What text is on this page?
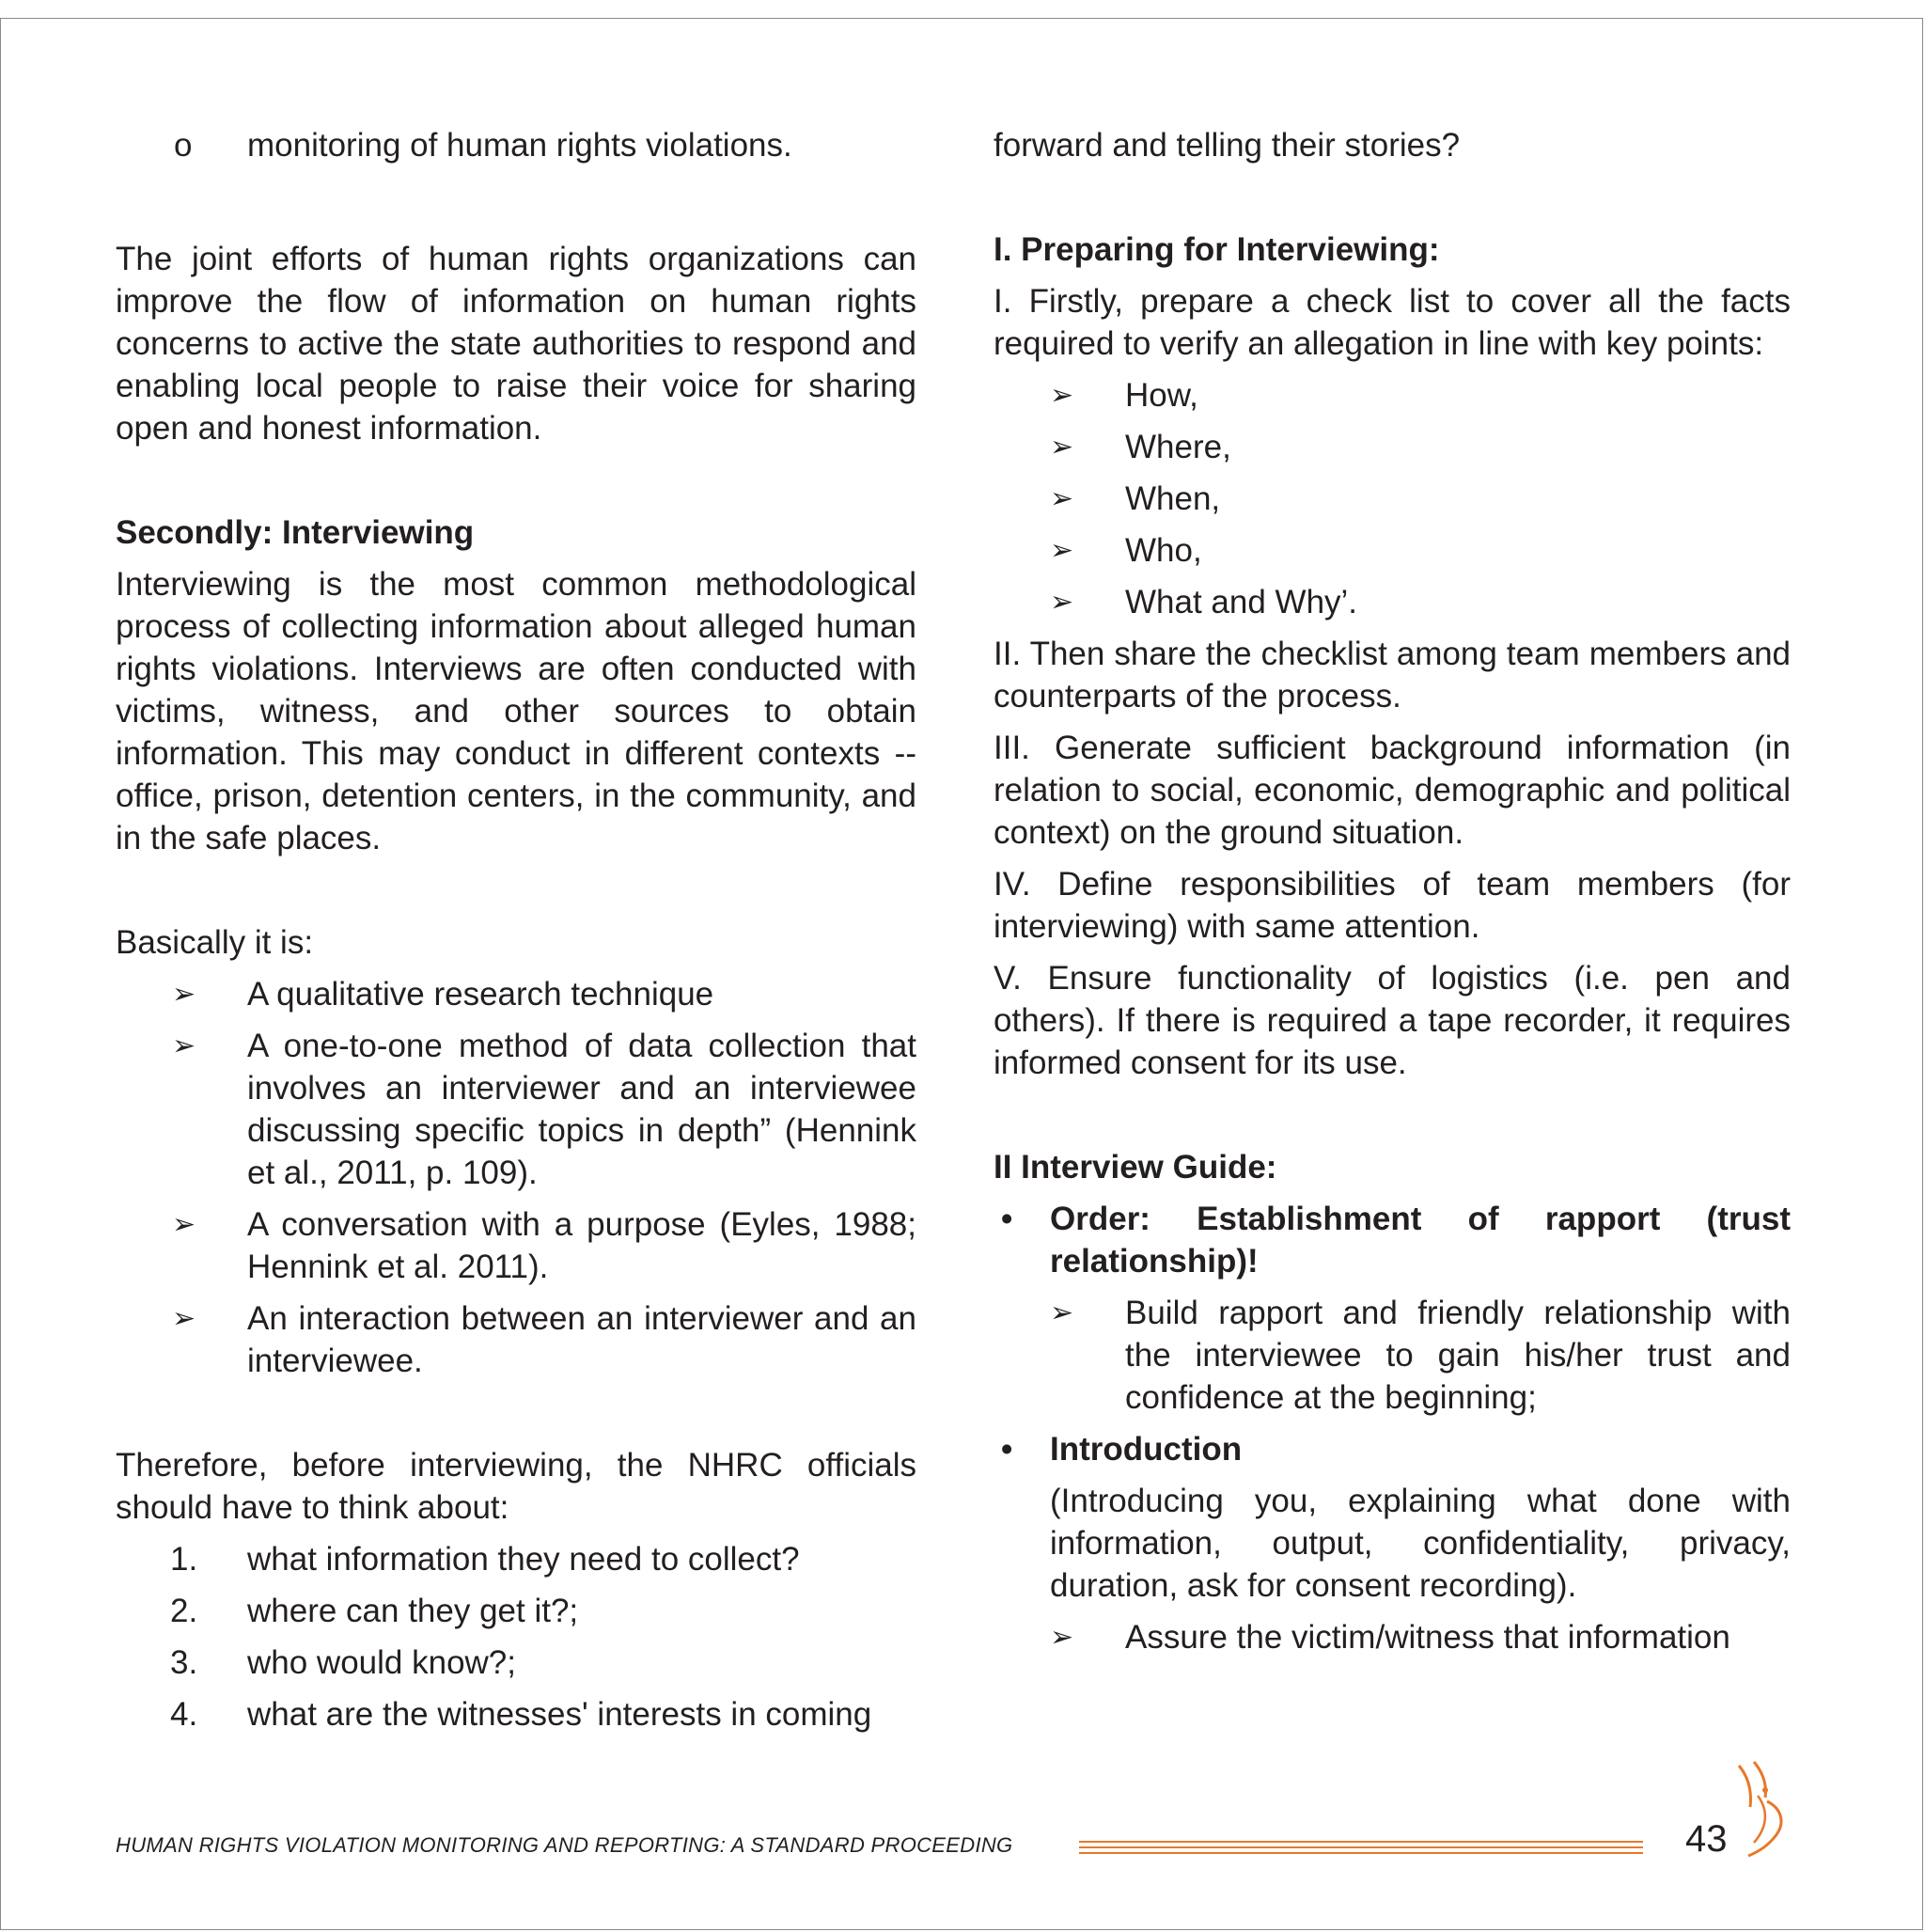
o	monitoring of human rights violations.

The joint efforts of human rights organizations can improve the flow of information on human rights concerns to active the state authorities to respond and enabling local people to raise their voice for sharing open and honest information.

Secondly: Interviewing

Interviewing is the most common methodological process of collecting information about alleged human rights violations. Interviews are often conducted with victims, witness, and other sources to obtain information. This may conduct in different contexts -- office, prison, detention centers, in the community, and in the safe places.

Basically it is:

➢	A qualitative research technique
➢	A one-to-one method of data collection that involves an interviewer and an interviewee discussing specific topics in depth” (Hennink et al., 2011, p. 109).
➢	A conversation with a purpose (Eyles, 1988; Hennink et al. 2011).
➢	An interaction between an interviewer and an interviewee.

Therefore, before interviewing, the NHRC officials should have to think about:

1.	what information they need to collect?
2.	where can they get it?;
3.	who would know?;
4.	what are the witnesses' interests in coming

forward and telling their stories?

I. Preparing for Interviewing:

I. Firstly, prepare a check list to cover all the facts required to verify an allegation in line with key points:

➢	How,
➢	Where,
➢	When,
➢	Who,
➢	What and Why’.

II. Then share the checklist among team members and counterparts of the process.

III. Generate sufficient background information (in relation to social, economic, demographic and political context) on the ground situation.

IV. Define responsibilities of team members (for interviewing) with same attention.

V. Ensure functionality of logistics (i.e. pen and others). If there is required a tape recorder, it requires informed consent for its use.

II Interview Guide:

•	Order: Establishment of rapport (trust relationship)!
➢	Build rapport and friendly relationship with the interviewee to gain his/her trust and confidence at the beginning;
•	Introduction

(Introducing you, explaining what done with information, output, confidentiality, privacy, duration, ask for consent recording).

➢	Assure the victim/witness that information
HUMAN RIGHTS VIOLATION MONITORING AND REPORTING: A STANDARD PROCEEDING	43
